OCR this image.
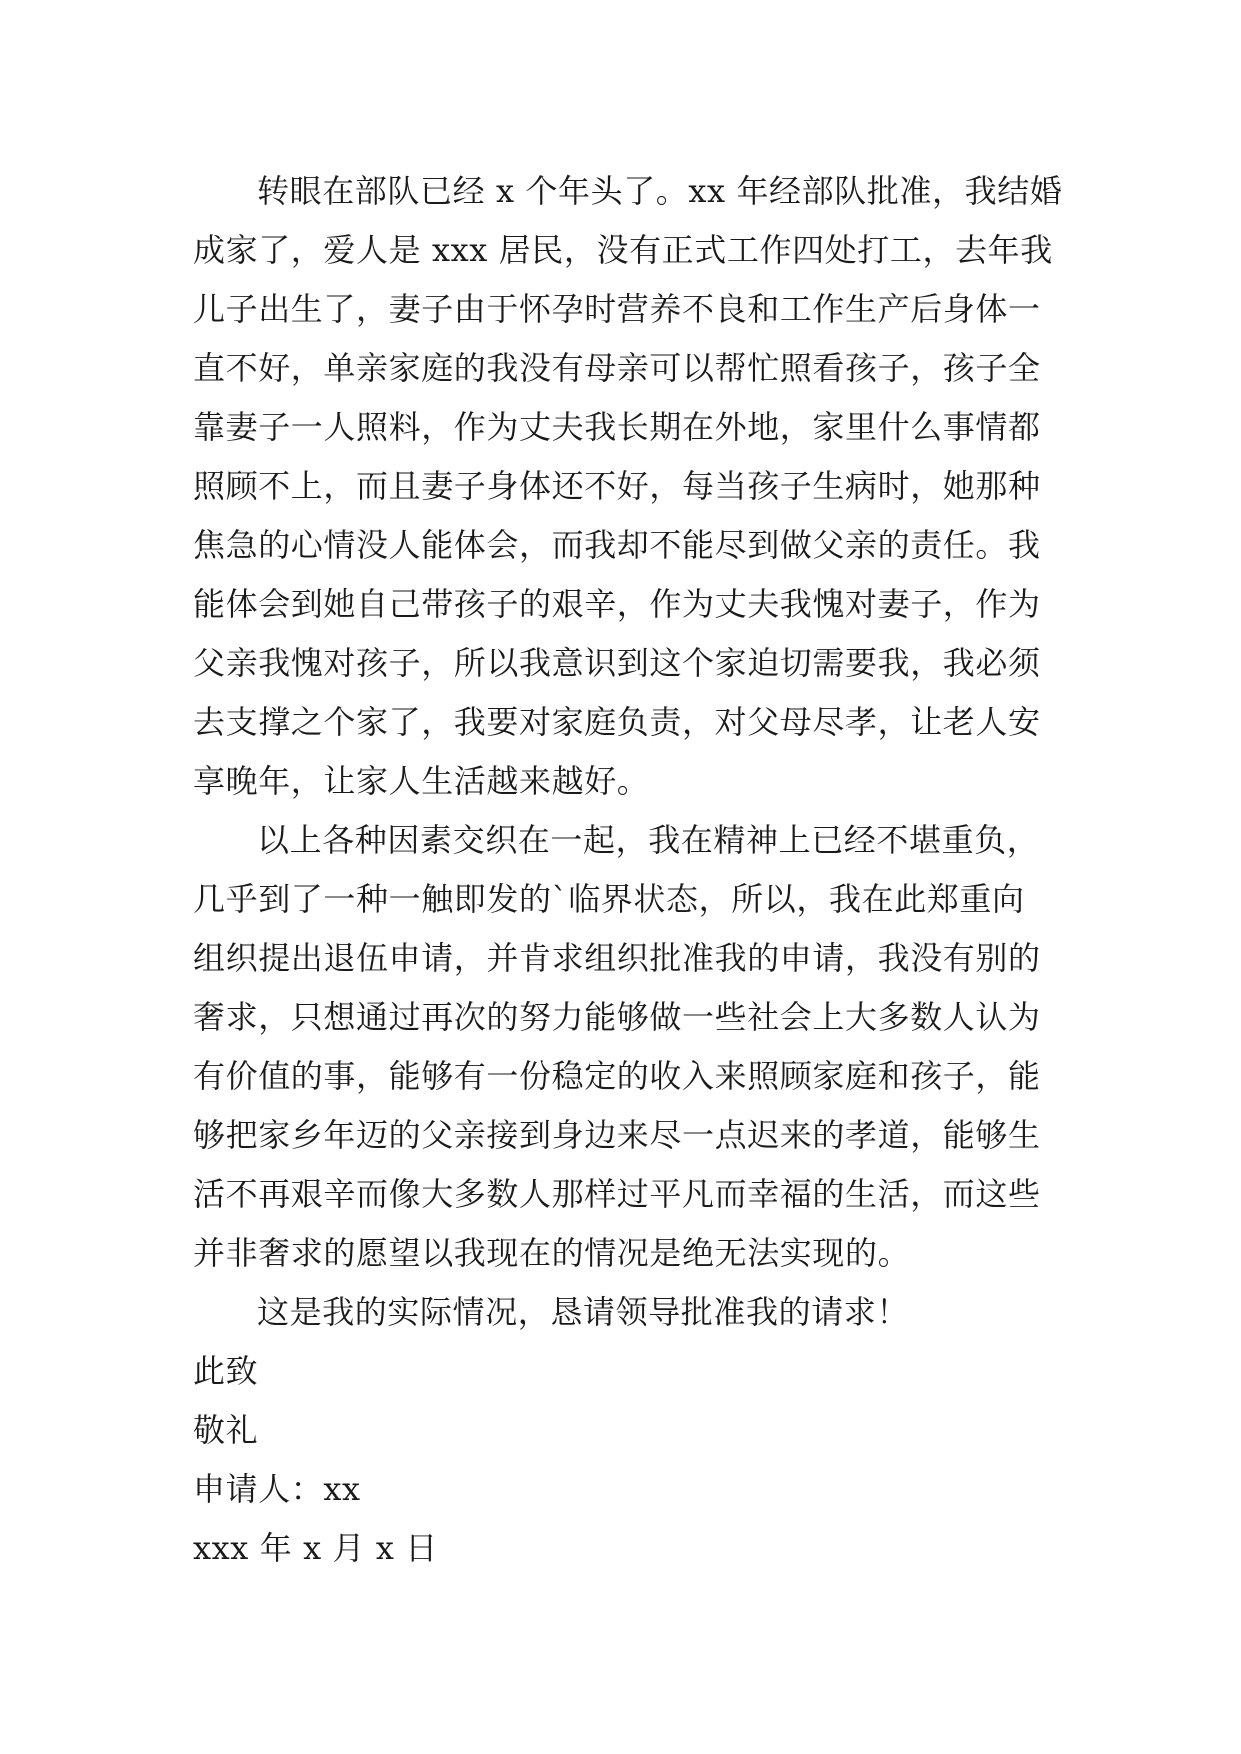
转眼在部队已经 x 个年头了。xx 年经部队批准，我结婚
成家了，爱人是 xxx 居民，没有正式工作四处打工，去年我
儿子出生了，妻子由于怀孕时营养不良和工作生产后身体一
直不好，单亲家庭的我没有母亲可以帮忙照看孩子，孩子全
靠妻子一人照料，作为丈夫我长期在外地，家里什么事情都
照顾不上，而且妻子身体还不好，每当孩子生病时，她那种
焦急的心情没人能体会，而我却不能尽到做父亲的责任。我
能体会到她自己带孩子的艰辛，作为丈夫我愧对妻子，作为
父亲我愧对孩子，所以我意识到这个家迫切需要我，我必须
去支撑之个家了，我要对家庭负责，对父母尽孝，让老人安
享晚年，让家人生活越来越好。
以上各种因素交织在一起，我在精神上已经不堪重负，
几乎到了一种一触即发的`临界状态，所以，我在此郑重向
组织提出退伍申请，并肯求组织批准我的申请，我没有别的
奢求，只想通过再次的努力能够做一些社会上大多数人认为
有价值的事，能够有一份稳定的收入来照顾家庭和孩子，能
够把家乡年迈的父亲接到身边来尽一点迟来的孝道，能够生
活不再艰辛而像大多数人那样过平凡而幸福的生活，而这些
并非奢求的愿望以我现在的情况是绝无法实现的。
这是我的实际情况，恳请领导批准我的请求！
此致
敬礼
申请人：xx
xxx 年 x 月 x 日
